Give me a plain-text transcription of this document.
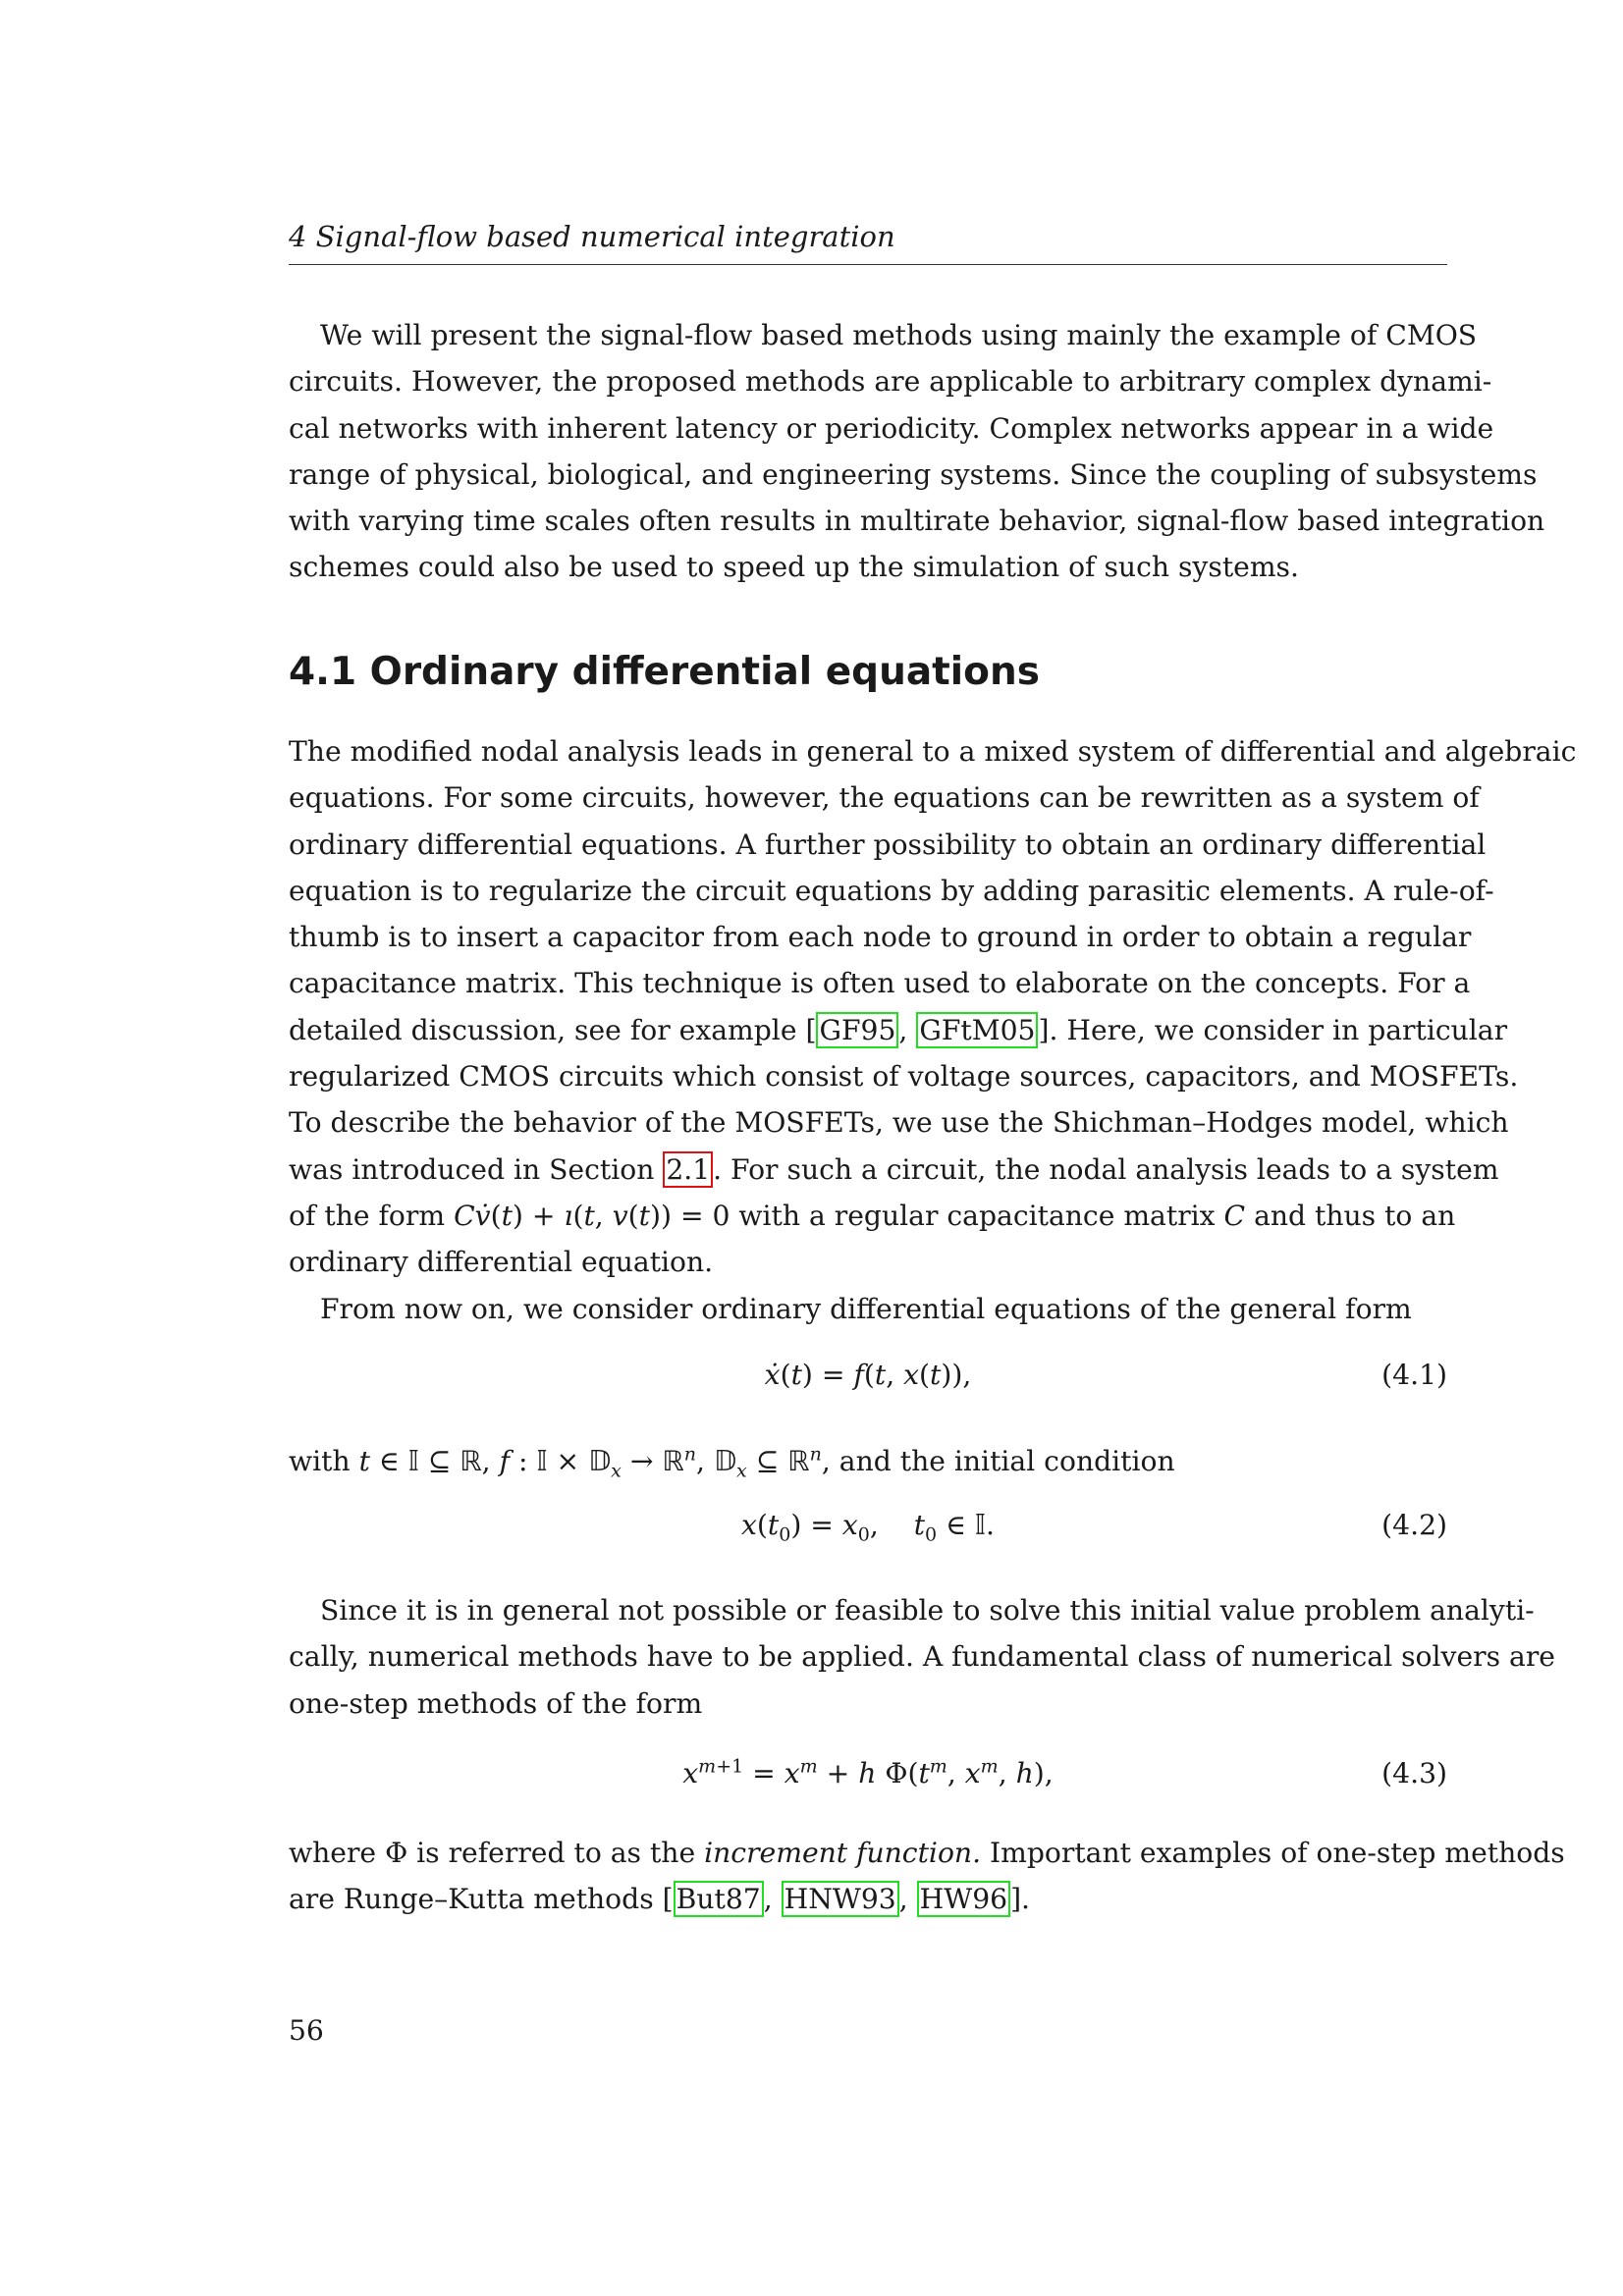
4 Signal-flow based numerical integration
We will present the signal-flow based methods using mainly the example of CMOS
circuits. However, the proposed methods are applicable to arbitrary complex dynami-
cal networks with inherent latency or periodicity. Complex networks appear in a wide
range of physical, biological, and engineering systems. Since the coupling of subsystems
with varying time scales often results in multirate behavior, signal-flow based integration
schemes could also be used to speed up the simulation of such systems.
4.1 Ordinary differential equations
The modified nodal analysis leads in general to a mixed system of differential and algebraic
equations. For some circuits, however, the equations can be rewritten as a system of
ordinary differential equations. A further possibility to obtain an ordinary differential
equation is to regularize the circuit equations by adding parasitic elements. A rule-of-
thumb is to insert a capacitor from each node to ground in order to obtain a regular
capacitance matrix. This technique is often used to elaborate on the concepts. For a
detailed discussion, see for example [ GF95 , GFtM05 ]. Here, we consider in particular
regularized CMOS circuits which consist of voltage sources, capacitors, and MOSFETs.
To describe the behavior of the MOSFETs, we use the Shichman–Hodges model, which
was introduced in Section 2.1 . For such a circuit, the nodal analysis leads to a system
of the form Cv̇(t) + ı(t, v(t)) = 0 with a regular capacitance matrix C and thus to an
ordinary differential equation.
From now on, we consider ordinary differential equations of the general form
ẋ(t) = f(t, x(t)),	(4.1)
with t ∈ 𝕀 ⊆ ℝ, f : 𝕀 × 𝔻$_x$ → ℝ$^n$, 𝔻$_x$ ⊆ ℝ$^n$, and the initial condition
$x(t_0) = x_0$,    $t_0$ ∈ 𝕀.	(4.2)
Since it is in general not possible or feasible to solve this initial value problem analyti-
cally, numerical methods have to be applied. A fundamental class of numerical solvers are
one-step methods of the form
$x^{m+1} = x^m + h$ $\Phi(t^m$, $x^m$, h),	(4.3)
where Φ is referred to as the increment function. Important examples of one-step methods
are Runge–Kutta methods [ But87 , HNW93 , HW96 ].
56
